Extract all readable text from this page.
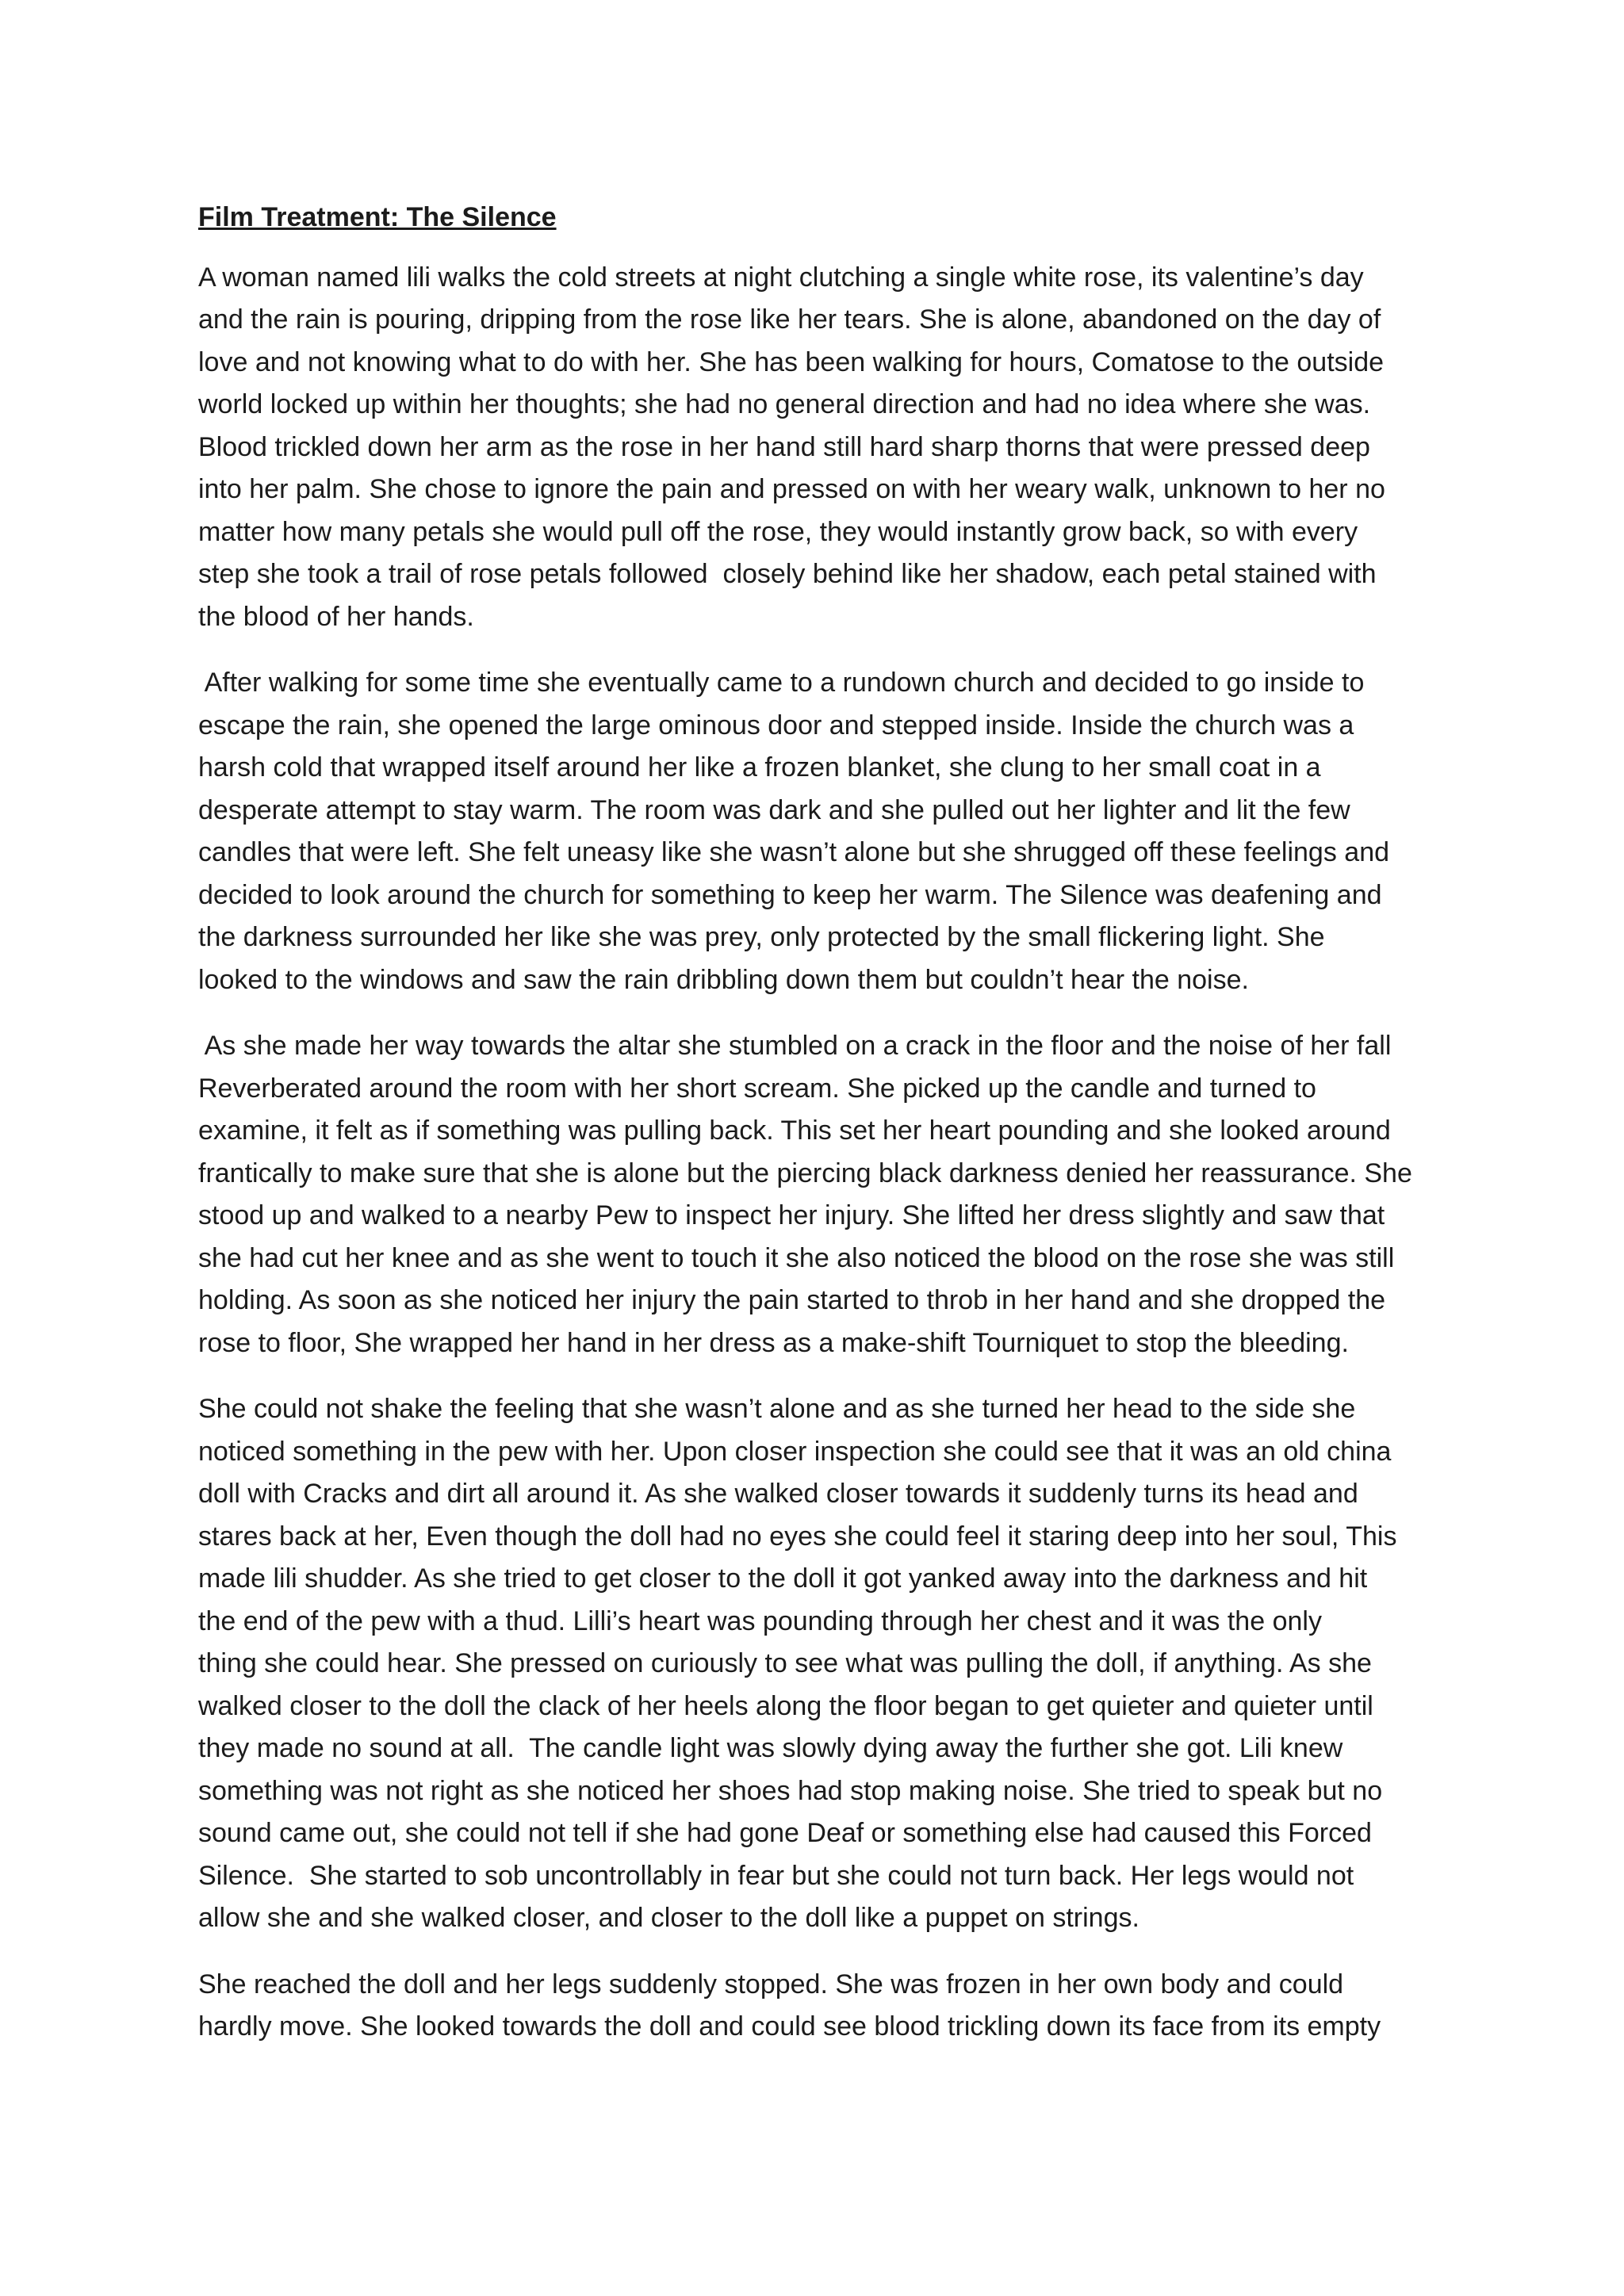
Film Treatment: The Silence
A woman named lili walks the cold streets at night clutching a single white rose, its valentine’s day
and the rain is pouring, dripping from the rose like her tears. She is alone, abandoned on the day of
love and not knowing what to do with her. She has been walking for hours, Comatose to the outside
world locked up within her thoughts; she had no general direction and had no idea where she was.
Blood trickled down her arm as the rose in her hand still hard sharp thorns that were pressed deep
into her palm. She chose to ignore the pain and pressed on with her weary walk, unknown to her no
matter how many petals she would pull off the rose, they would instantly grow back, so with every
step she took a trail of rose petals followed  closely behind like her shadow, each petal stained with
the blood of her hands.
After walking for some time she eventually came to a rundown church and decided to go inside to
escape the rain, she opened the large ominous door and stepped inside. Inside the church was a
harsh cold that wrapped itself around her like a frozen blanket, she clung to her small coat in a
desperate attempt to stay warm. The room was dark and she pulled out her lighter and lit the few
candles that were left. She felt uneasy like she wasn’t alone but she shrugged off these feelings and
decided to look around the church for something to keep her warm. The Silence was deafening and
the darkness surrounded her like she was prey, only protected by the small flickering light. She
looked to the windows and saw the rain dribbling down them but couldn’t hear the noise.
As she made her way towards the altar she stumbled on a crack in the floor and the noise of her fall
Reverberated around the room with her short scream. She picked up the candle and turned to
examine, it felt as if something was pulling back. This set her heart pounding and she looked around
frantically to make sure that she is alone but the piercing black darkness denied her reassurance. She
stood up and walked to a nearby Pew to inspect her injury. She lifted her dress slightly and saw that
she had cut her knee and as she went to touch it she also noticed the blood on the rose she was still
holding. As soon as she noticed her injury the pain started to throb in her hand and she dropped the
rose to floor, She wrapped her hand in her dress as a make-shift Tourniquet to stop the bleeding.
She could not shake the feeling that she wasn’t alone and as she turned her head to the side she
noticed something in the pew with her. Upon closer inspection she could see that it was an old china
doll with Cracks and dirt all around it. As she walked closer towards it suddenly turns its head and
stares back at her, Even though the doll had no eyes she could feel it staring deep into her soul, This
made lili shudder. As she tried to get closer to the doll it got yanked away into the darkness and hit
the end of the pew with a thud. Lilli’s heart was pounding through her chest and it was the only
thing she could hear. She pressed on curiously to see what was pulling the doll, if anything. As she
walked closer to the doll the clack of her heels along the floor began to get quieter and quieter until
they made no sound at all.  The candle light was slowly dying away the further she got. Lili knew
something was not right as she noticed her shoes had stop making noise. She tried to speak but no
sound came out, she could not tell if she had gone Deaf or something else had caused this Forced
Silence.  She started to sob uncontrollably in fear but she could not turn back. Her legs would not
allow she and she walked closer, and closer to the doll like a puppet on strings.
She reached the doll and her legs suddenly stopped. She was frozen in her own body and could
hardly move. She looked towards the doll and could see blood trickling down its face from its empty
